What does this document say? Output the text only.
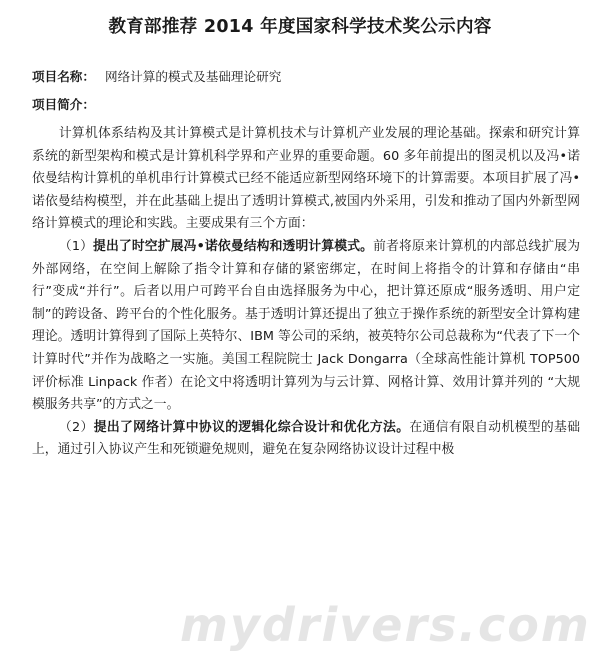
教育部推荐 2014 年度国家科学技术奖公示内容
项目名称： 网络计算的模式及基础理论研究
项目简介：

计算机体系结构及其计算模式是计算机技术与计算机产业发展的理论基础。探索和研究计算系统的新型架构和模式是计算机科学界和产业界的重要命题。60 多年前提出的图灵机以及冯•诺依曼结构计算机的单机串行计算模式已经不能适应新型网络环境下的计算需要。本项目扩展了冯•诺依曼结构模型，并在此基础上提出了透明计算模式,被国内外采用，引发和推动了国内外新型网络计算模式的理论和实践。主要成果有三个方面：

（1）提出了时空扩展冯•诺依曼结构和透明计算模式。前者将原来计算机的内部总线扩展为外部网络，在空间上解除了指令计算和存储的紧密绑定，在时间上将指令的计算和存储由“串行”变成“并行”。后者以用户可跨平台自由选择服务为中心，把计算还原成“服务透明、用户定制”的跨设备、跨平台的个性化服务。基于透明计算还提出了独立于操作系统的新型安全计算构建理论。透明计算得到了国际上英特尔、IBM 等公司的采纳，被英特尔公司总裁称为“代表了下一个计算时代”并作为战略之一实施。美国工程院院士 Jack Dongarra（全球高性能计算机 TOP500 评价标准 Linpack 作者）在论文中将透明计算列为与云计算、网格计算、效用计算并列的 “大规模服务共享”的方式之一。

（2）提出了网络计算中协议的逻辑化综合设计和优化方法。在通信有限自动机模型的基础上，通过引入协议产生和死锁避免规则，避免在复杂网络协议设计过程中极

mydrivers.com
